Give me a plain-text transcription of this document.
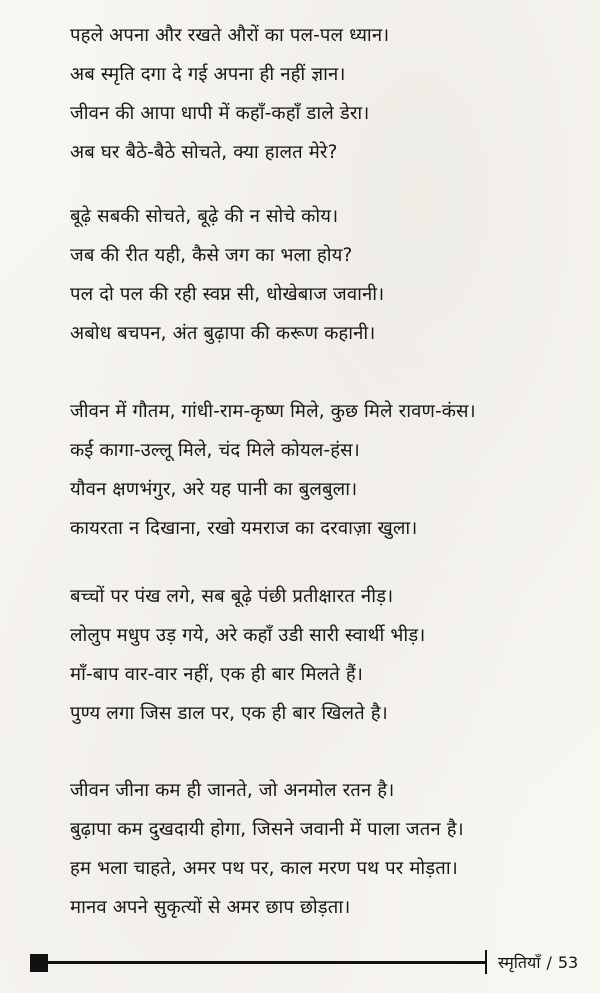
पहले अपना और रखते औरों का पल-पल ध्यान।
अब स्मृति दगा दे गई अपना ही नहीं ज्ञान।
जीवन की आपा धापी में कहाँ-कहाँ डाले डेरा।
अब घर बैठे-बैठे सोचते, क्या हालत मेरे?
बूढ़े सबकी सोचते, बूढ़े की न सोचे कोय।
जब की रीत यही, कैसे जग का भला होय?
पल दो पल की रही स्वप्न सी, धोखेबाज जवानी।
अबोध बचपन, अंत बुढ़ापा की करूण कहानी।
जीवन में गौतम, गांधी-राम-कृष्ण मिले, कुछ मिले रावण-कंस।
कई कागा-उल्लू मिले, चंद मिले कोयल-हंस।
यौवन क्षणभंगुर, अरे यह पानी का बुलबुला।
कायरता न दिखाना, रखो यमराज का दरवाज़ा खुला।
बच्चों पर पंख लगे, सब बूढ़े पंछी प्रतीक्षारत नीड़।
लोलुप मधुप उड़ गये, अरे कहाँ उडी सारी स्वार्थी भीड़।
माँ-बाप वार-वार नहीं, एक ही बार मिलते हैं।
पुण्य लगा जिस डाल पर, एक ही बार खिलते है।
जीवन जीना कम ही जानते, जो अनमोल रतन है।
बुढ़ापा कम दुखदायी होगा, जिसने जवानी में पाला जतन है।
हम भला चाहते, अमर पथ पर, काल मरण पथ पर मोड़ता।
मानव अपने सुकृत्यों से अमर छाप छोड़ता।
स्मृतियाँ / 53
